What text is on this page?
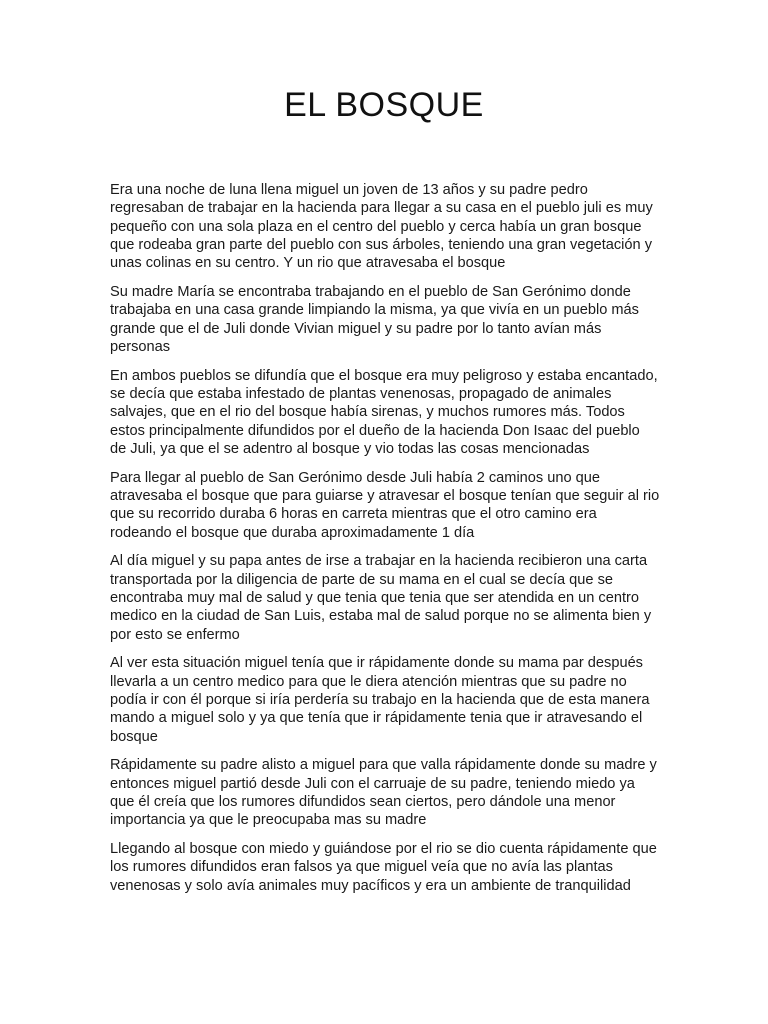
EL BOSQUE

Era una noche de luna llena miguel un joven de 13 años y su padre pedro regresaban de trabajar en la hacienda para llegar a su casa en el pueblo juli es muy pequeño con una sola plaza en el centro del pueblo y cerca había un gran bosque que rodeaba gran parte del pueblo con sus árboles, teniendo una gran vegetación y unas colinas en su centro. Y un rio que atravesaba el bosque

Su madre María se encontraba trabajando en el pueblo de San Gerónimo donde trabajaba en una casa grande limpiando la misma, ya que vivía en un pueblo más grande que el de Juli donde Vivian miguel y su padre por lo tanto avían más personas

En ambos pueblos se difundía que el bosque era muy peligroso y estaba encantado, se decía que estaba infestado de plantas venenosas, propagado de animales salvajes, que en el rio del bosque había sirenas, y muchos rumores más. Todos estos principalmente difundidos por el dueño de la hacienda Don Isaac del pueblo de Juli, ya que el se adentro al bosque y vio todas las cosas mencionadas

Para llegar al pueblo de San Gerónimo desde Juli había 2 caminos uno que atravesaba el bosque que para guiarse y atravesar el bosque tenían que seguir al rio que su recorrido duraba 6 horas en carreta mientras que el otro camino era rodeando el bosque que duraba aproximadamente 1 día

Al día miguel y su papa antes de irse a trabajar en la hacienda recibieron una carta transportada por la diligencia de parte de su mama en el cual se decía que se encontraba muy mal de salud y que tenia que tenia que ser atendida en un centro medico en la ciudad de San Luis, estaba mal de salud porque no se alimenta bien y por esto se enfermo

Al ver esta situación miguel tenía que ir rápidamente donde su mama par después llevarla a un centro medico para que le diera atención mientras que su padre no podía ir con él porque si iría perdería su trabajo en la hacienda que de esta manera mando a miguel solo y ya que tenía que ir rápidamente tenia que ir atravesando el bosque

Rápidamente su padre alisto a miguel para que valla rápidamente donde su madre y entonces miguel partió desde Juli con el carruaje de su padre, teniendo miedo ya que él creía que los rumores difundidos sean ciertos, pero dándole una menor importancia ya que le preocupaba mas su madre

Llegando al bosque con miedo y guiándose por el rio se dio cuenta rápidamente que los rumores difundidos eran falsos ya que miguel veía que no avía las plantas venenosas y solo avía animales muy pacíficos y era un ambiente de tranquilidad
